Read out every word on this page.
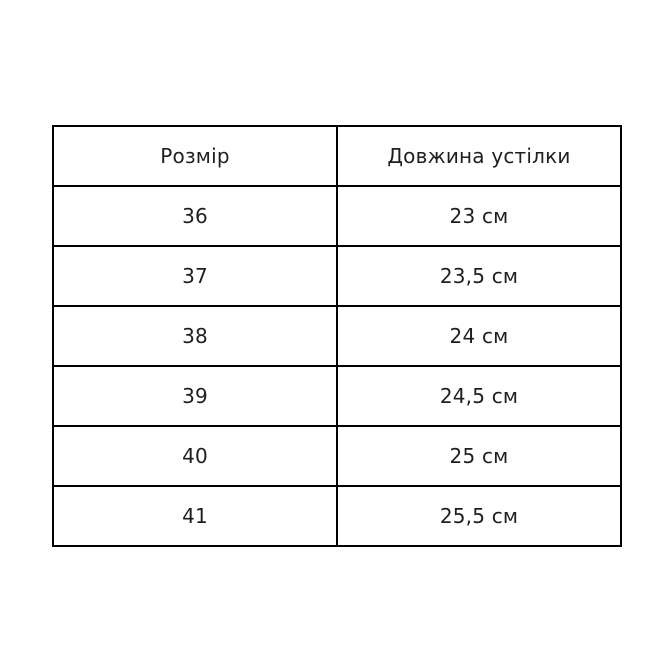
Розмір	Довжина устілки
36	23 см
37	23,5 см
38	24 см
39	24,5 см
40	25 см
41	25,5 см
